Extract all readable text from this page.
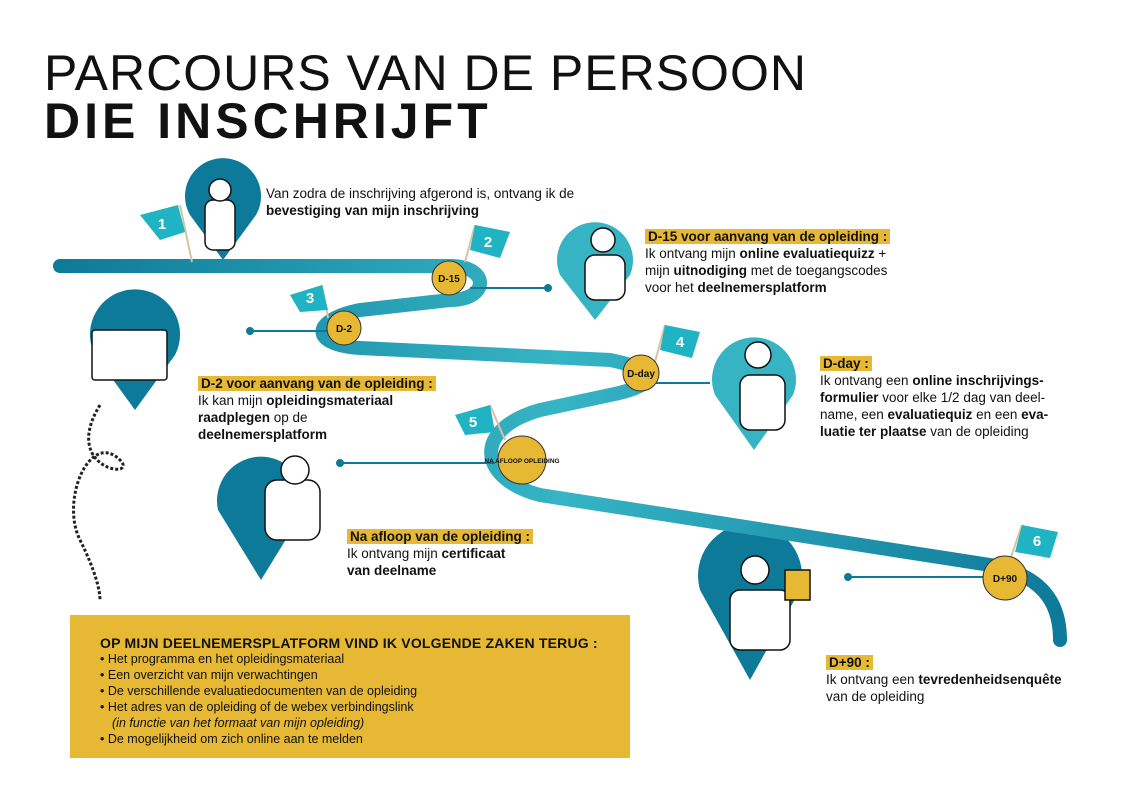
PARCOURS VAN DE PERSOON
DIE INSCHRIJFT
1
2
3
4
5
6
D-15
D-2
D-day
NA AFLOOP OPLEIDING
D+90
Van zodra de inschrijving afgerond is, ontvang ik de bevestiging van mijn inschrijving
D-15 voor aanvang van de opleiding :
Ik ontvang mijn online evaluatiequizz +
mijn uitnodiging met de toegangscodes
voor het deelnemersplatform
D-2 voor aanvang van de opleiding :
Ik kan mijn opleidingsmateriaal
raadplegen op de
deelnemersplatform
D-day :
Ik ontvang een online inschrijvings-
formulier voor elke 1/2 dag van deel-
name, een evaluatiequiz en een eva-
luatie ter plaatse van de opleiding
Na afloop van de opleiding :
Ik ontvang mijn certificaat
van deelname
D+90 :
Ik ontvang een tevredenheidsenquête
van de opleiding
OP MIJN DEELNEMERSPLATFORM VIND IK VOLGENDE ZAKEN TERUG :
• Het programma en het opleidingsmateriaal
• Een overzicht van mijn verwachtingen
• De verschillende evaluatiedocumenten van de opleiding
• Het adres van de opleiding of de webex verbindingslink
(in functie van het formaat van mijn opleiding)
• De mogelijkheid om zich online aan te melden
